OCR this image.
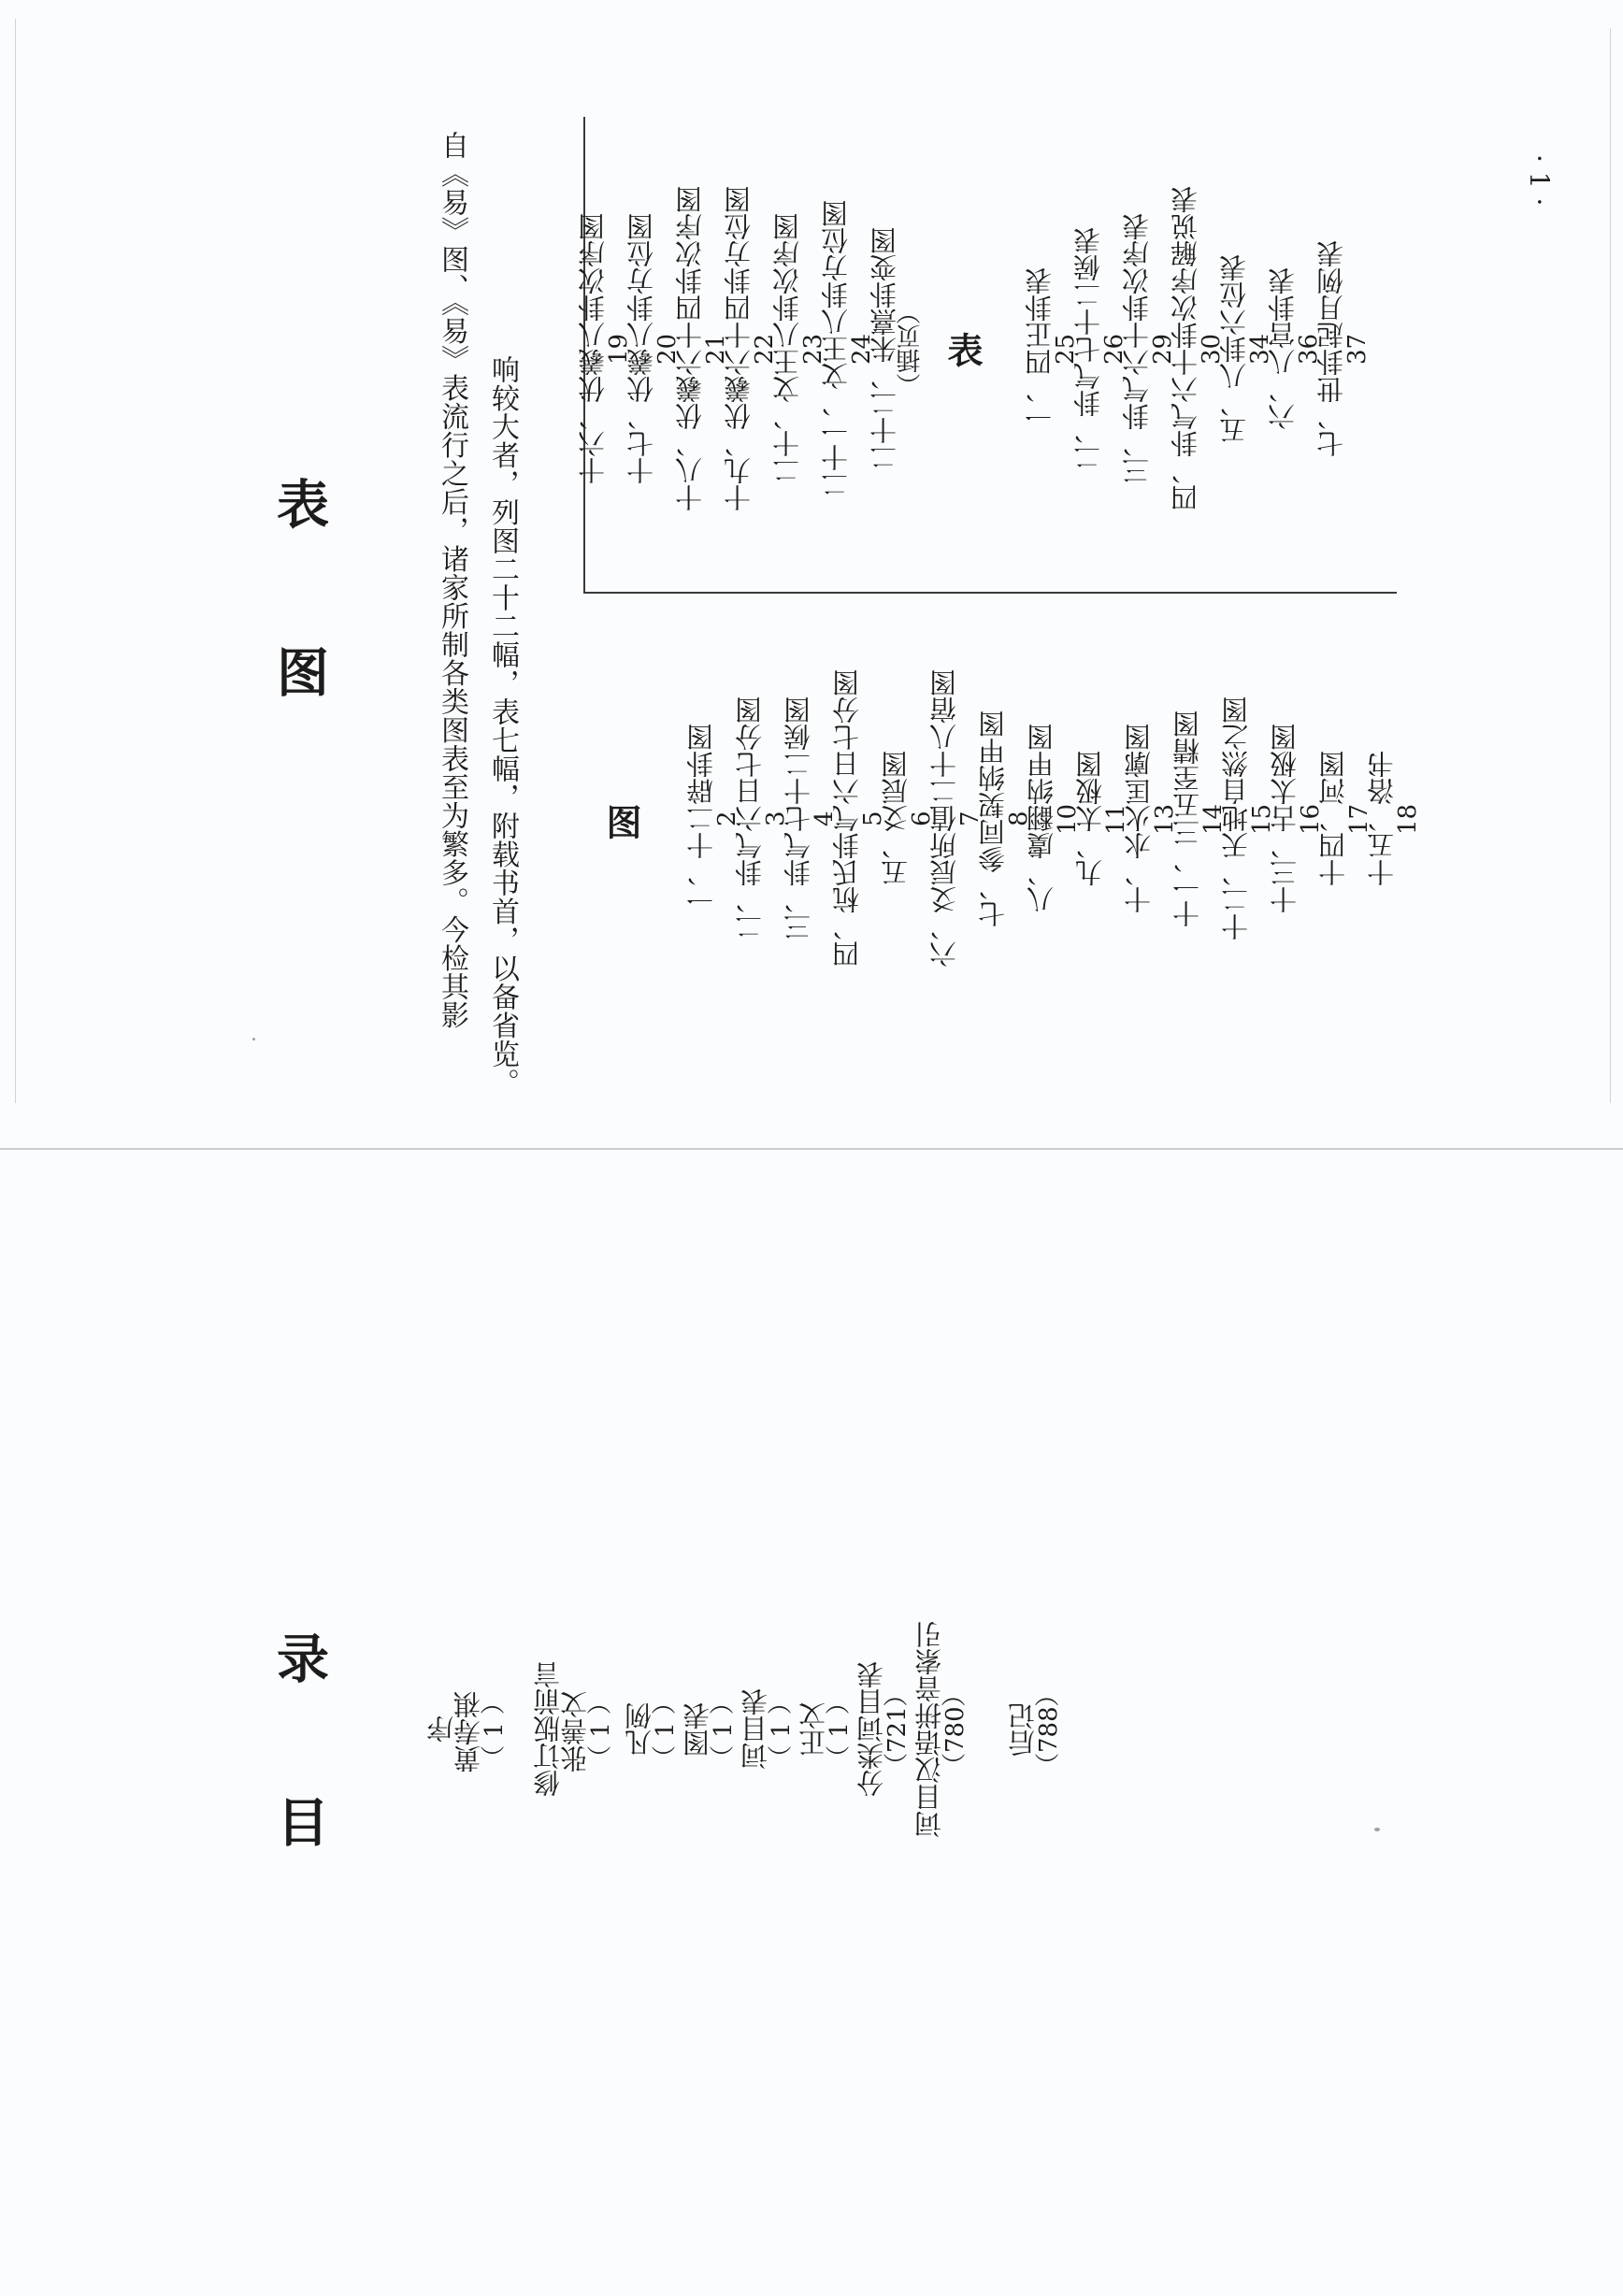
图
表	自《易》图、《易》表流行之后，诸家所制各类图表至为繁多。今检其影 响较大者，列图二十二幅，表七幅，附载书首，以备省览。 图 一、十二辟卦图
2
二、卦气六日七分图
3
三、卦气七十二候图
4
四、杭氏卦气六日七分图
5
五、爻辰图
6
六、爻辰所值二十八宿图
7
七、参同契纳甲图
8
八、虞翻纳甲图
10
九、太极图
11
十、水火匡廓图
13
十一、三五至精图
14
十二、天地自然之图
15
十三、古太极图
16
十四、河图
17
十五、洛书
18
十六、伏羲八卦次序图
19
十七、伏羲八卦方位图
20
十八、伏羲六十四卦次序图
21
十九、伏羲六十四卦方位图
22
二十、文王八卦次序图
23
二十一、文王八卦方位图
24
二十二、朱熹卦变图
（插页） 表 一、四正卦表
25
二、卦气七十二候表
26
三、卦气六十卦次序表
29
四、卦气六十卦次序解说表
30
五、八卦六位表
34
六、八宫卦表
36
七、世卦起月例表
37
· 1 ·
目
录
序
黄寿祺
（ 1 ） 修订版前言
张善文
（ 1 ） 凡例
（ 1 ） 图表
（ 1 ） 词目表
（ 1 ） 正文
（ 1 ） 分类词目表
（721） 词目汉语拼音索引
（780） 后记
（788）
